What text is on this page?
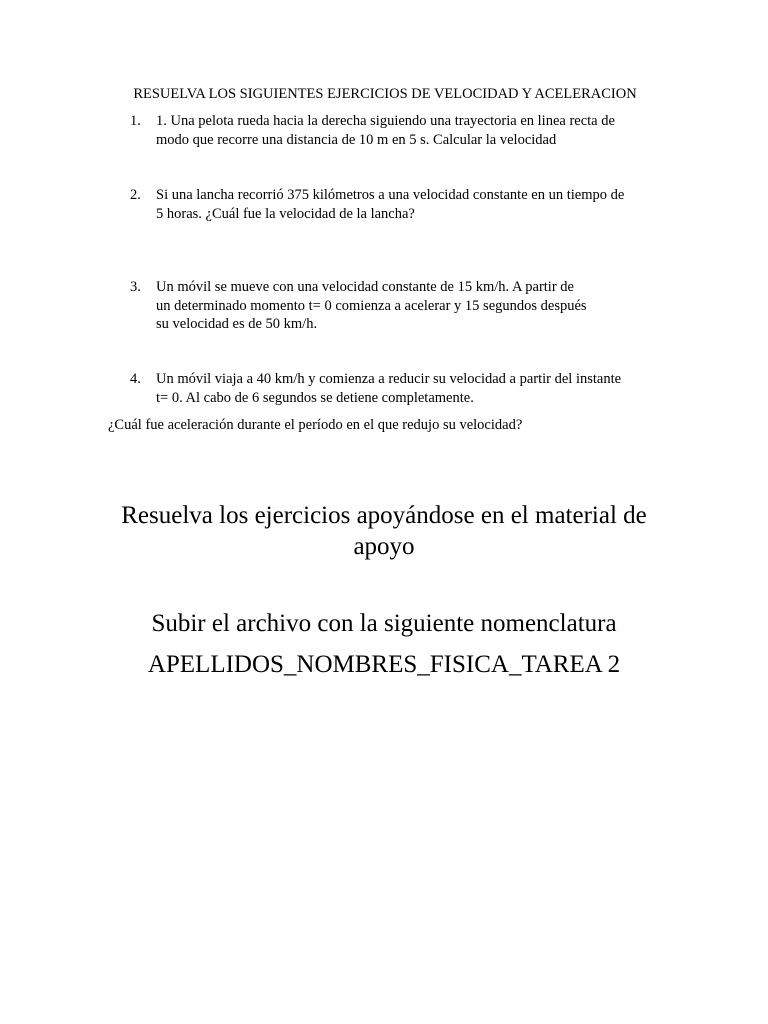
RESUELVA LOS SIGUIENTES EJERCICIOS DE VELOCIDAD Y ACELERACION
1.	1. Una pelota rueda hacia la derecha siguiendo una trayectoria en linea recta de
modo que recorre una distancia de 10 m en 5 s. Calcular la velocidad
2.	Si una lancha recorrió 375 kilómetros a una velocidad constante en un tiempo de
5 horas. ¿Cuál fue la velocidad de la lancha?
3.	Un móvil se mueve con una velocidad constante de 15 km/h. A partir de
un determinado momento t= 0 comienza a acelerar y 15 segundos después
su velocidad es de 50 km/h.
4.	Un móvil viaja a 40 km/h y comienza a reducir su velocidad a partir del instante
t= 0. Al cabo de 6 segundos se detiene completamente.
¿Cuál fue aceleración durante el período en el que redujo su velocidad?
Resuelva los ejercicios apoyándose en el material de
apoyo
Subir el archivo con la siguiente nomenclatura
APELLIDOS_NOMBRES_FISICA_TAREA 2
